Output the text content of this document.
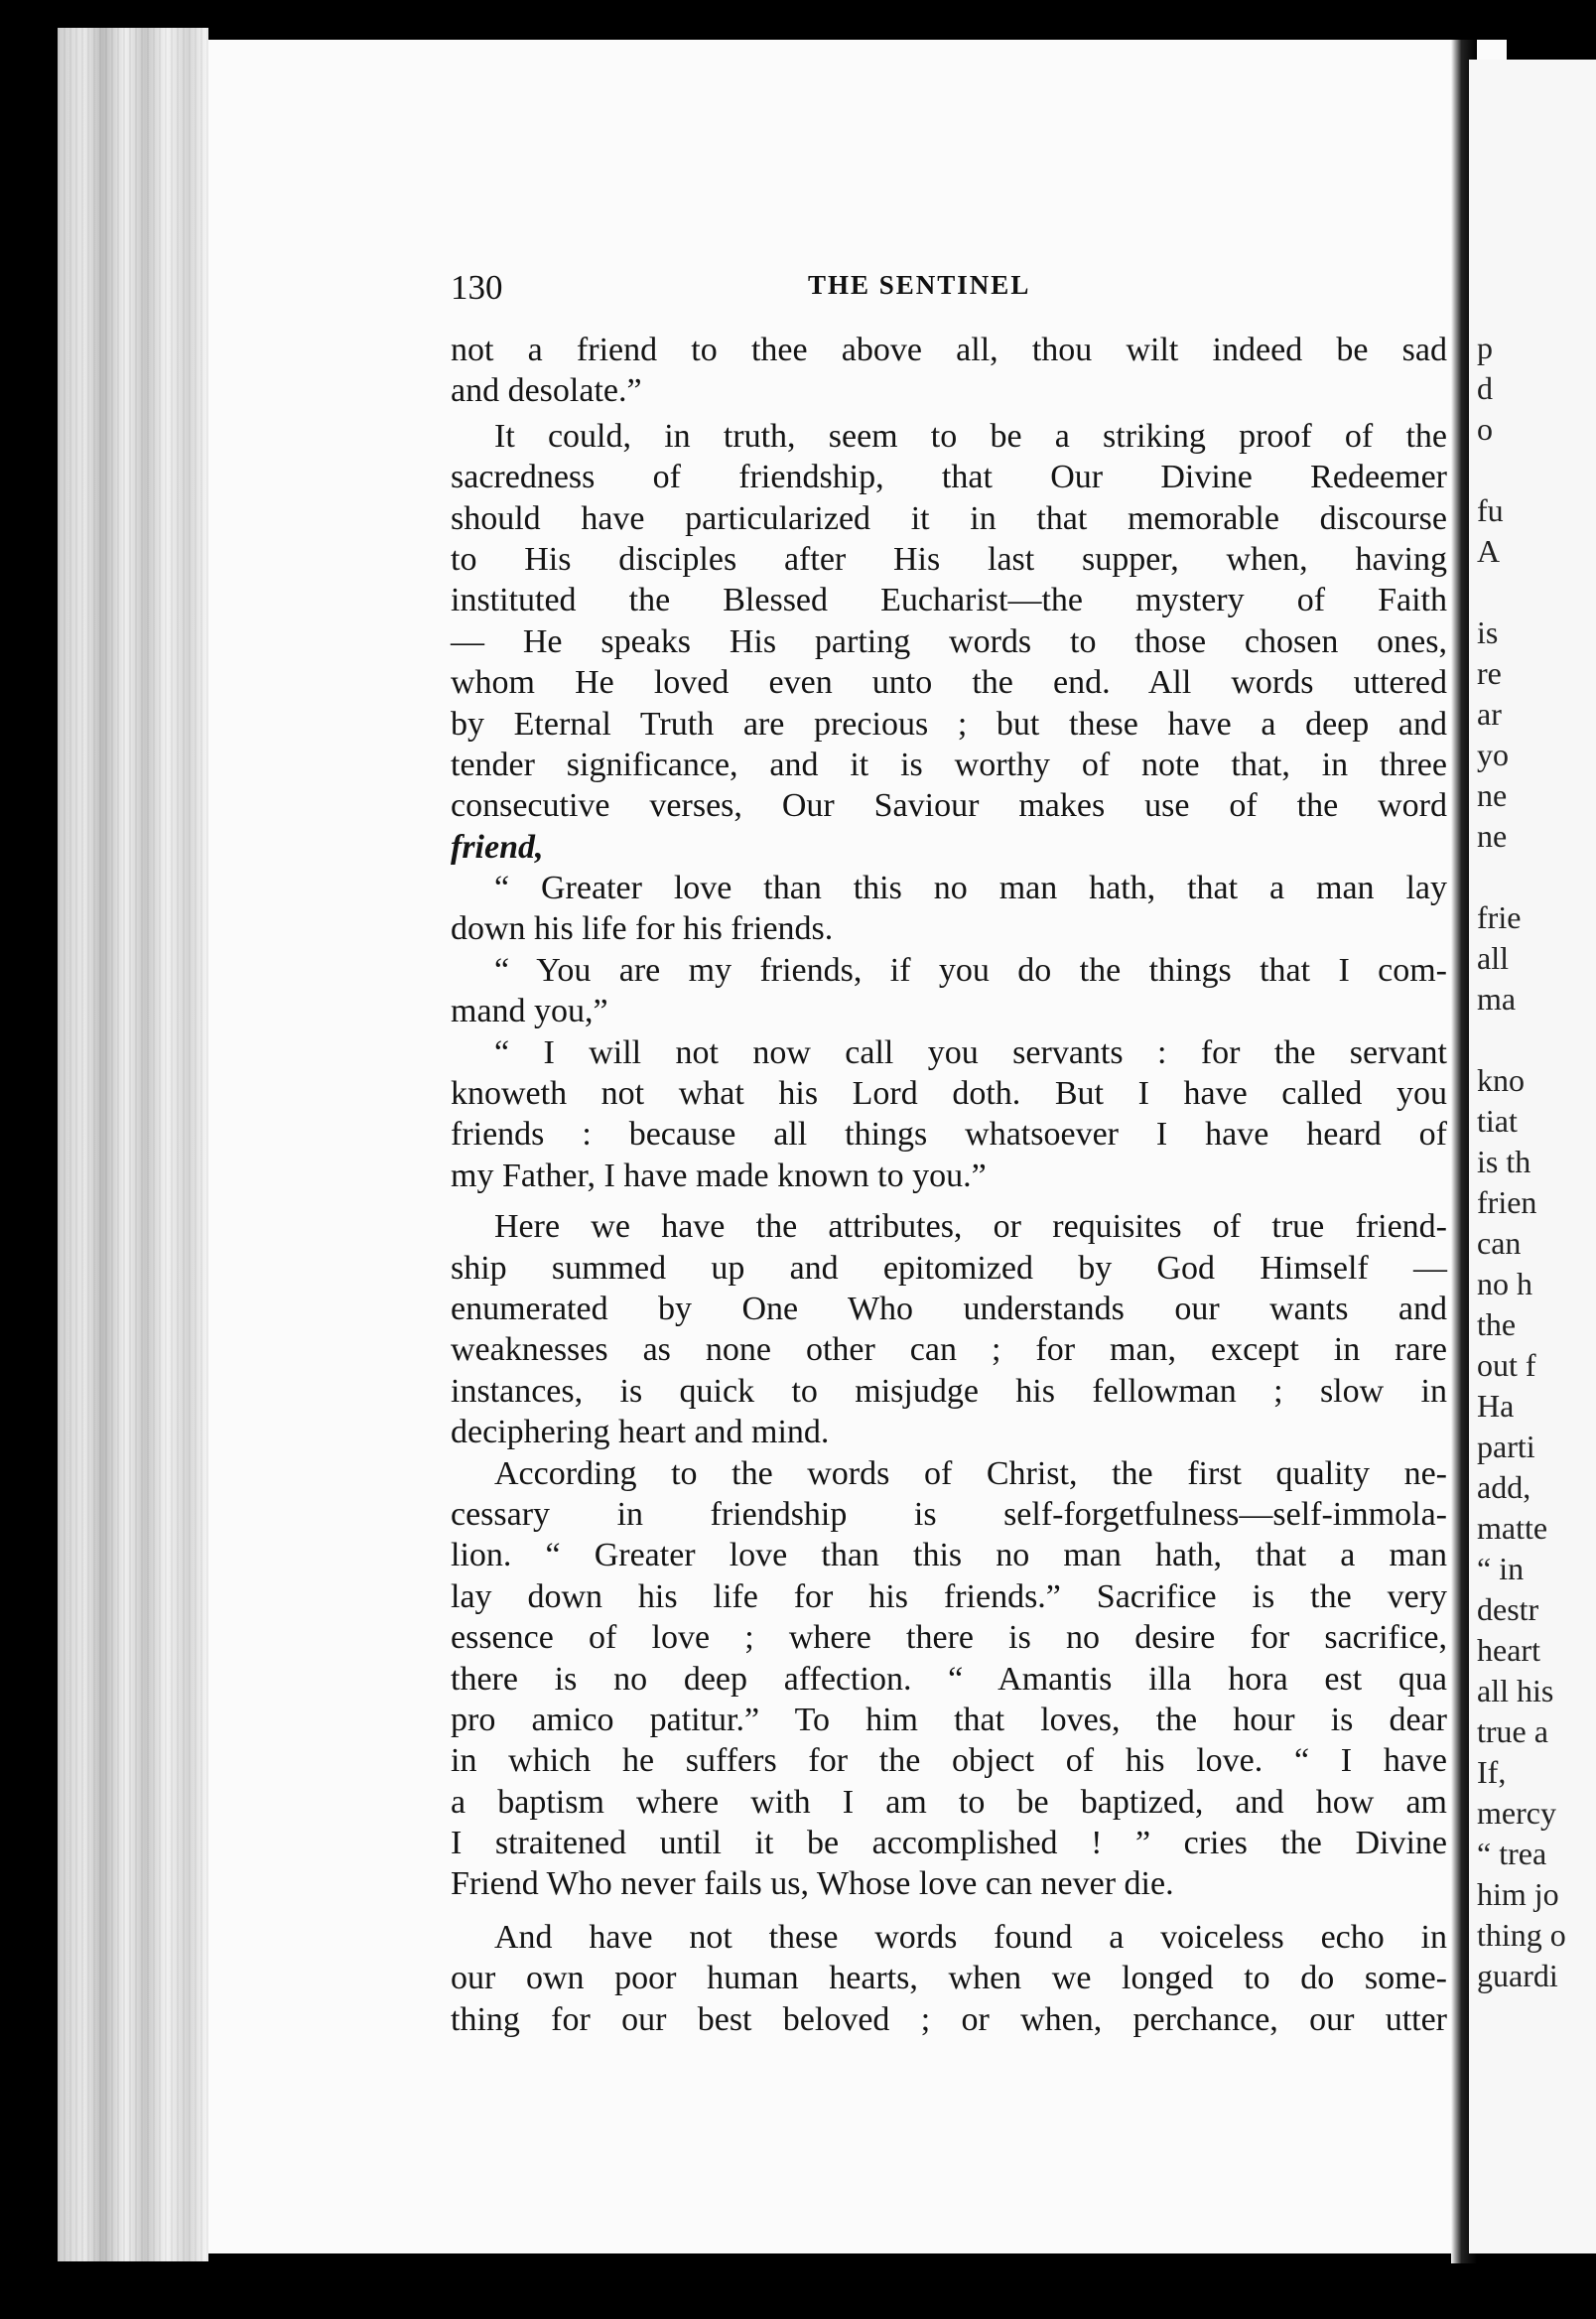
p
d
o

fu
A

is
re
ar
yo
ne
ne

frie
all
ma

kno
tiat
is th
frien
can
no h
the
out f
Ha
parti
add,
matte
“ in
destr
heart
all his
true a
If,
mercy
“ trea
him jo
thing o
guardi
130	THE SENTINEL
not a friend to thee above all, thou wilt indeed be sad
and desolate.”
It could, in truth, seem to be a striking proof of the
sacredness of friendship, that Our Divine Redeemer
should have particularized it in that memorable discourse
to His disciples after His last supper, when, having
instituted the Blessed Eucharist—the mystery of Faith
— He speaks His parting words to those chosen ones,
whom He loved even unto the end. All words uttered
by Eternal Truth are precious ; but these have a deep and
tender significance, and it is worthy of note that, in three
consecutive verses, Our Saviour makes use of the word
friend,
“ Greater love than this no man hath, that a man lay
down his life for his friends.
“ You are my friends, if you do the things that I com-
mand you,”
“ I will not now call you servants : for the servant
knoweth not what his Lord doth. But I have called you
friends : because all things whatsoever I have heard of
my Father, I have made known to you.”
Here we have the attributes, or requisites of true friend-
ship summed up and epitomized by God Himself —
enumerated by One Who understands our wants and
weaknesses as none other can ; for man, except in rare
instances, is quick to misjudge his fellowman ; slow in
deciphering heart and mind.
According to the words of Christ, the first quality ne-
cessary in friendship is self-forgetfulness—self-immola-
lion. “ Greater love than this no man hath, that a man
lay down his life for his friends.” Sacrifice is the very
essence of love ; where there is no desire for sacrifice,
there is no deep affection. “ Amantis illa hora est qua
pro amico patitur.” To him that loves, the hour is dear
in which he suffers for the object of his love. “ I have
a baptism where with I am to be baptized, and how am
I straitened until it be accomplished ! ” cries the Divine
Friend Who never fails us, Whose love can never die.
And have not these words found a voiceless echo in
our own poor human hearts, when we longed to do some-
thing for our best beloved ; or when, perchance, our utter
